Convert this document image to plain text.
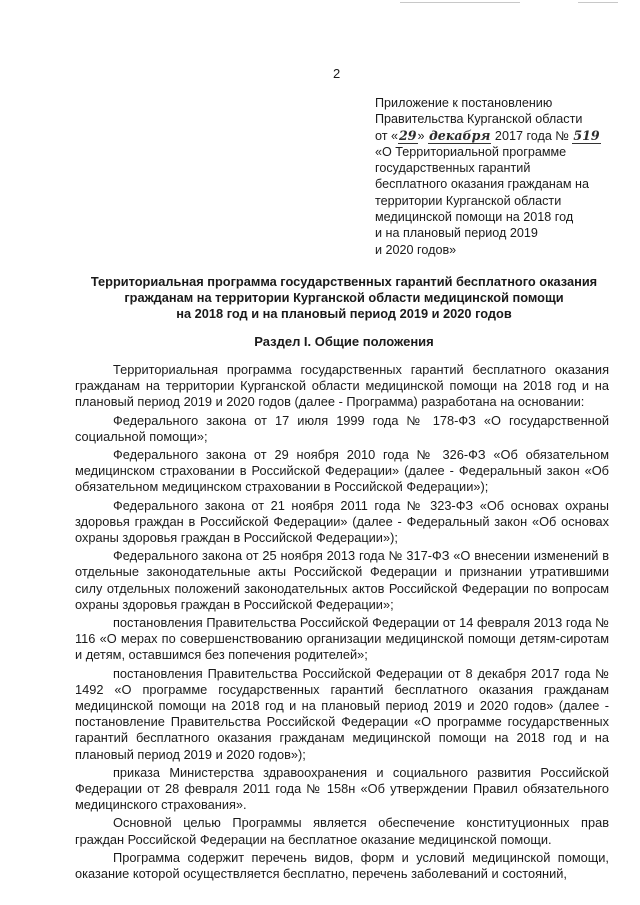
2
Приложение к постановлению
Правительства Курганской области
от «29» декабря 2017 года № 519
«О Территориальной программе
государственных гарантий
бесплатного оказания гражданам на
территории Курганской области
медицинской помощи на 2018 год
и на плановый период 2019
и 2020 годов»
Территориальная программа государственных гарантий бесплатного оказания
гражданам на территории Курганской области медицинской помощи
на 2018 год и на плановый период 2019 и 2020 годов
Раздел I. Общие положения

Территориальная программа государственных гарантий бесплатного оказания гражданам на территории Курганской области медицинской помощи на 2018 год и на плановый период 2019 и 2020 годов (далее - Программа) разработана на основании:

Федерального закона от 17 июля 1999 года № 178-ФЗ «О государственной социальной помощи»;

Федерального закона от 29 ноября 2010 года № 326-ФЗ «Об обязательном медицинском страховании в Российской Федерации» (далее - Федеральный закон «Об обязательном медицинском страховании в Российской Федерации»);

Федерального закона от 21 ноября 2011 года № 323-ФЗ «Об основах охраны здоровья граждан в Российской Федерации» (далее - Федеральный закон «Об основах охраны здоровья граждан в Российской Федерации»);

Федерального закона от 25 ноября 2013 года № 317-ФЗ «О внесении изменений в отдельные законодательные акты Российской Федерации и признании утратившими силу отдельных положений законодательных актов Российской Федерации по вопросам охраны здоровья граждан в Российской Федерации»;

постановления Правительства Российской Федерации от 14 февраля 2013 года № 116 «О мерах по совершенствованию организации медицинской помощи детям-сиротам и детям, оставшимся без попечения родителей»;

постановления Правительства Российской Федерации от 8 декабря 2017 года № 1492 «О программе государственных гарантий бесплатного оказания гражданам медицинской помощи на 2018 год и на плановый период 2019 и 2020 годов» (далее - постановление Правительства Российской Федерации «О программе государственных гарантий бесплатного оказания гражданам медицинской помощи на 2018 год и на плановый период 2019 и 2020 годов»);

приказа Министерства здравоохранения и социального развития Российской Федерации от 28 февраля 2011 года № 158н «Об утверждении Правил обязательного медицинского страхования».

Основной целью Программы является обеспечение конституционных прав граждан Российской Федерации на бесплатное оказание медицинской помощи.

Программа содержит перечень видов, форм и условий медицинской помощи, оказание которой осуществляется бесплатно, перечень заболеваний и состояний,
